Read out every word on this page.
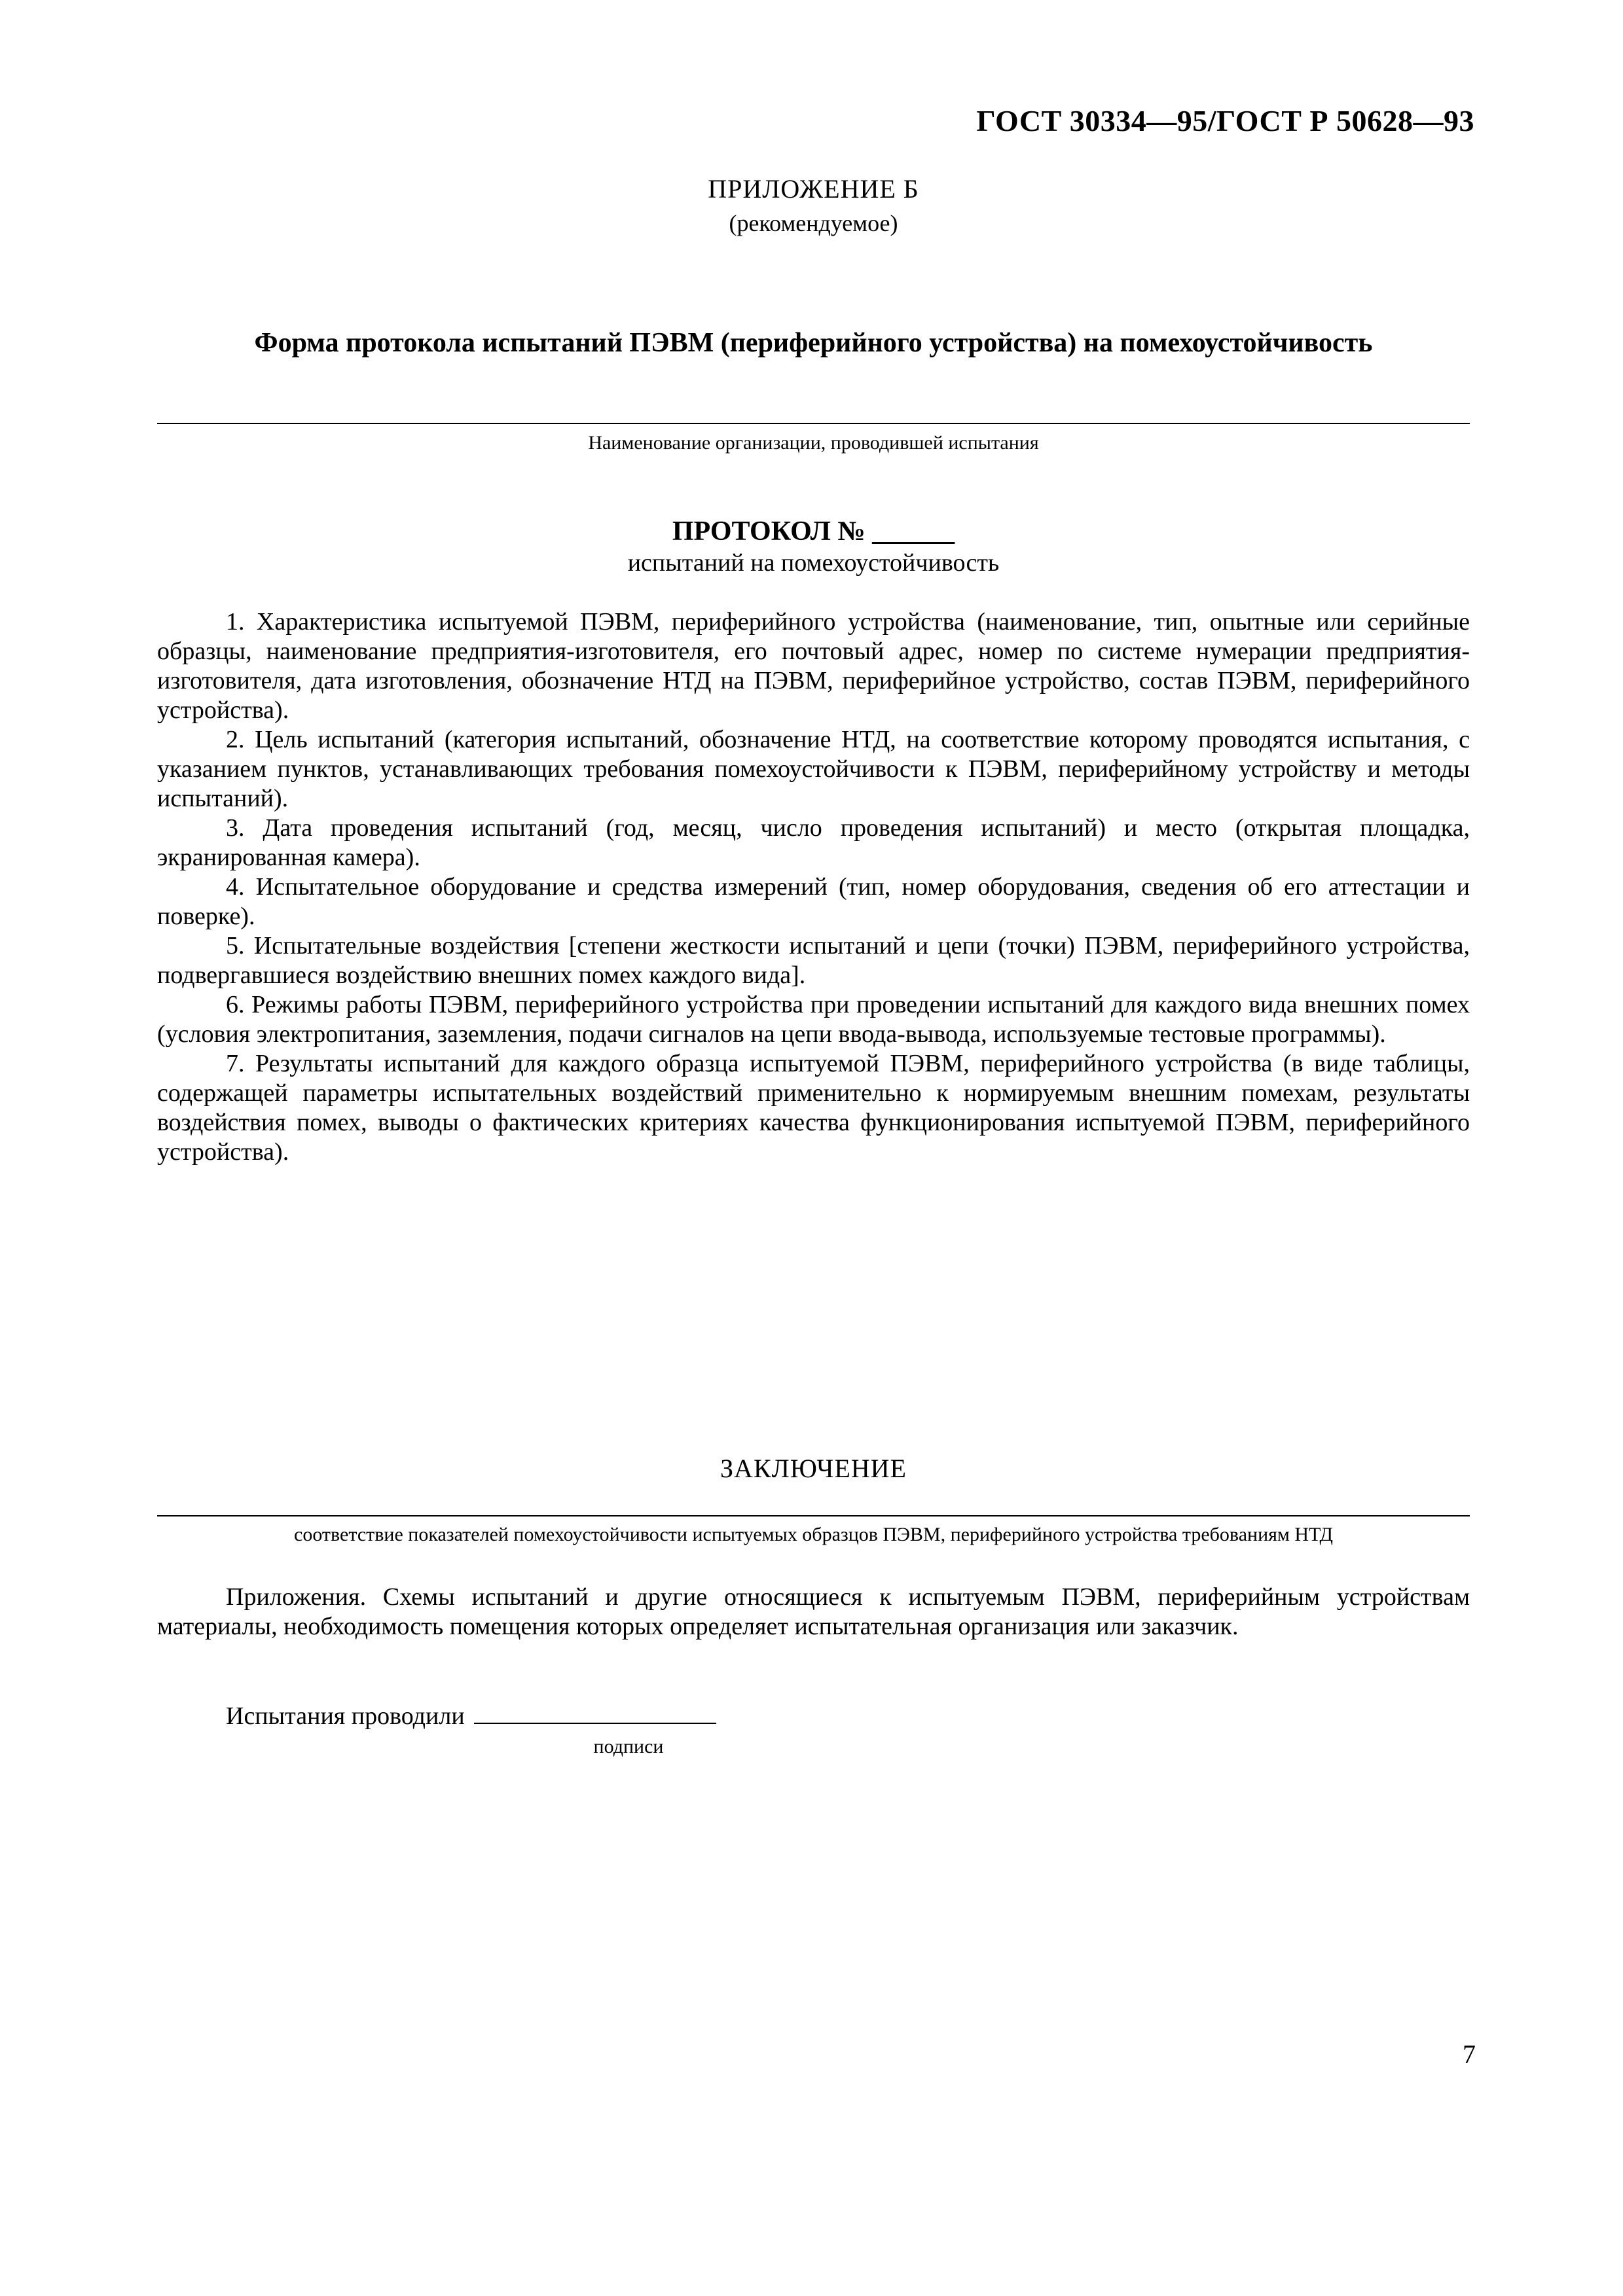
ГОСТ 30334—95/ГОСТ Р 50628—93
ПРИЛОЖЕНИЕ Б
(рекомендуемое)
Форма протокола испытаний ПЭВМ (периферийного устройства) на помехоустойчивость
Наименование организации, проводившей испытания
ПРОТОКОЛ № ______
испытаний на помехоустойчивость

1. Характеристика испытуемой ПЭВМ, периферийного устройства (наименование, тип, опытные или серийные образцы, наименование предприятия-изготовителя, его почтовый адрес, номер по системе нумерации предприятия-изготовителя, дата изготовления, обозначение НТД на ПЭВМ, периферийное устройство, состав ПЭВМ, периферийного устройства).

2. Цель испытаний (категория испытаний, обозначение НТД, на соответствие которому проводятся испытания, с указанием пунктов, устанавливающих требования помехоустойчивости к ПЭВМ, периферийному устройству и методы испытаний).

3. Дата проведения испытаний (год, месяц, число проведения испытаний) и место (открытая площадка, экранированная камера).

4. Испытательное оборудование и средства измерений (тип, номер оборудования, сведения об его аттестации и поверке).

5. Испытательные воздействия [степени жесткости испытаний и цепи (точки) ПЭВМ, периферийного устройства, подвергавшиеся воздействию внешних помех каждого вида].

6. Режимы работы ПЭВМ, периферийного устройства при проведении испытаний для каждого вида внешних помех (условия электропитания, заземления, подачи сигналов на цепи ввода-вывода, используемые тестовые программы).

7. Результаты испытаний для каждого образца испытуемой ПЭВМ, периферийного устройства (в виде таблицы, содержащей параметры испытательных воздействий применительно к нормируемым внешним помехам, результаты воздействия помех, выводы о фактических критериях качества функционирования испытуемой ПЭВМ, периферийного устройства).

ЗАКЛЮЧЕНИЕ
соответствие показателей помехоустойчивости испытуемых образцов ПЭВМ, периферийного устройства требованиям НТД

Приложения. Схемы испытаний и другие относящиеся к испытуемым ПЭВМ, периферийным устройствам материалы, необходимость помещения которых определяет испытательная организация или заказчик.

Испытания проводили
подписи
7
